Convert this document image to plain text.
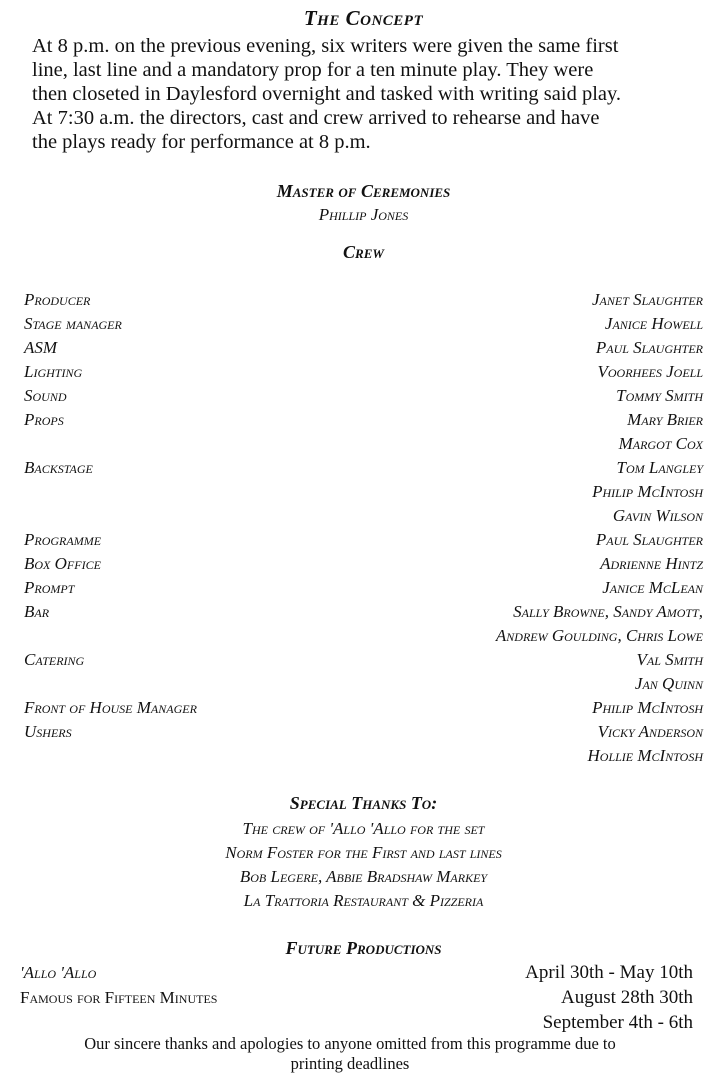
The Concept
At 8 p.m. on the previous evening, six writers were given the same first
line, last line and a mandatory prop for a ten minute play. They were
then closeted in Daylesford overnight and tasked with writing said play.
At 7:30 a.m. the directors, cast and crew arrived to rehearse and have
the plays ready for performance at 8 p.m.
Master of Ceremonies
Phillip Jones
Crew
Producer	Janet Slaughter
Stage manager	Janice Howell
ASM	Paul Slaughter
Lighting	Voorhees Joell
Sound	Tommy Smith
Props	Mary Brier
Margot Cox
Backstage	Tom Langley
Philip McIntosh
Gavin Wilson
Programme	Paul Slaughter
Box Office	Adrienne Hintz
Prompt	Janice McLean
Bar	Sally Browne, Sandy Amott,
Andrew Goulding, Chris Lowe
Catering	Val Smith
Jan Quinn
Front of House Manager	Philip McIntosh
Ushers	Vicky Anderson
Hollie McIntosh
Special Thanks To:
The crew of 'Allo 'Allo for the set
Norm Foster for the First and last lines
Bob Legere, Abbie Bradshaw Markey
La Trattoria Restaurant & Pizzeria
Future Productions
'Allo 'Allo	April 30th - May 10th
Famous for Fifteen Minutes	August 28th 30th
September 4th - 6th
Our sincere thanks and apologies to anyone omitted from this programme due to
printing deadlines
